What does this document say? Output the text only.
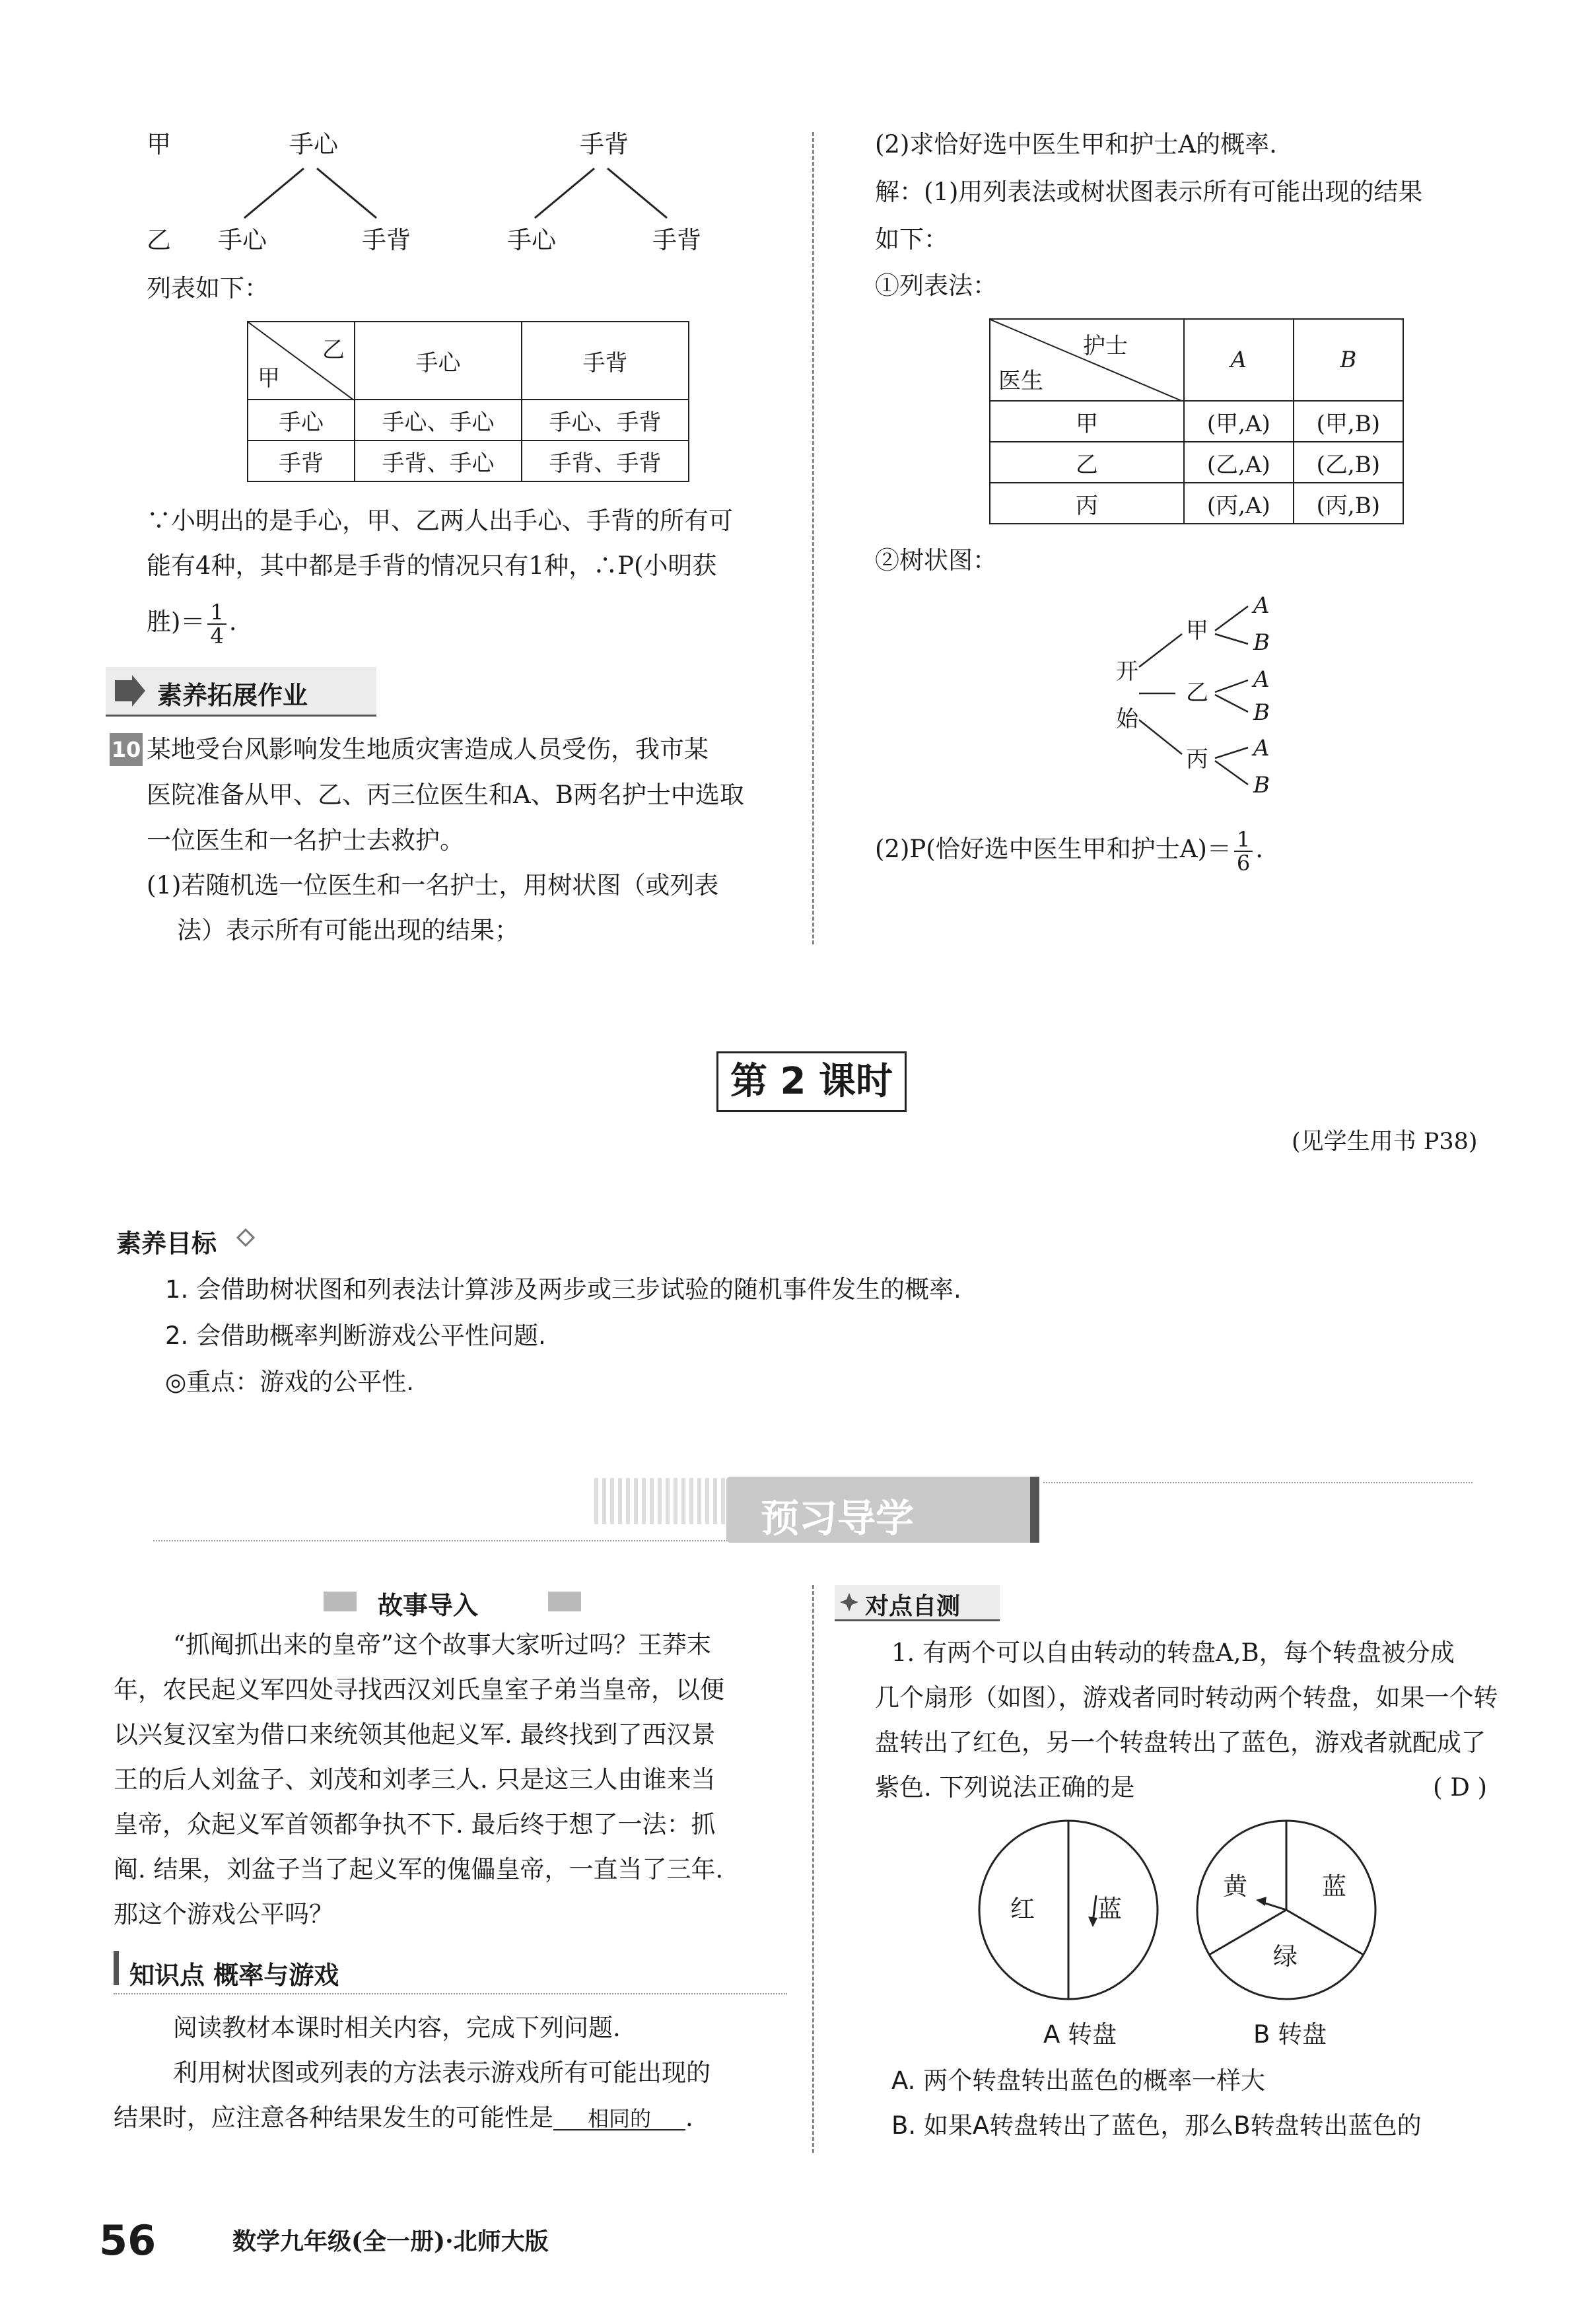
甲	手心	手背
乙 手心	手背	手心	手背
列表如下：
乙
甲	手心	手背
手心	手心、手心	手心、手背
手背	手背、手心	手背、手背
∵小明出的是手心，甲、乙两人出手心、手背的所有可
能有4种，其中都是手背的情况只有1种，∴P(小明获
胜)＝ $\frac{1}{4}$ .
素养拓展作业
10 某地受台风影响发生地质灾害造成人员受伤，我市某
医院准备从甲、乙、丙三位医生和A、B两名护士中选取
一位医生和一名护士去救护。
(1)若随机选一位医生和一名护士，用树状图（或列表
法）表示所有可能出现的结果；
(2)求恰好选中医生甲和护士A的概率.
解：(1)用列表法或树状图表示所有可能出现的结果
如下：
①列表法：
护士
医生	A	B
甲	(甲,A)	(甲,B)
乙	(乙,A)	(乙,B)
丙	(丙,A)	(丙,B)
②树状图：
开
始
甲
乙
丙
A
B
A
B
A
B
(2)P(恰好选中医生甲和护士$A)= \frac{1}{6}$ .
第 2 课时
(见学生用书 P38)
素养目标
1. 会借助树状图和列表法计算涉及两步或三步试验的随机事件发生的概率.
2. 会借助概率判断游戏公平性问题.
◎重点：游戏的公平性.
预习导学
故事导入
“抓阄抓出来的皇帝”这个故事大家听过吗？王莽末
年，农民起义军四处寻找西汉刘氏皇室子弟当皇帝，以便
以兴复汉室为借口来统领其他起义军. 最终找到了西汉景
王的后人刘盆子、刘茂和刘孝三人. 只是这三人由谁来当
皇帝，众起义军首领都争执不下. 最后终于想了一法：抓
阄. 结果，刘盆子当了起义军的傀儡皇帝，一直当了三年.
那这个游戏公平吗？
知识点 概率与游戏
阅读教材本课时相关内容，完成下列问题.
利用树状图或列表的方法表示游戏所有可能出现的
结果时，应注意各种结果发生的可能性是 相同的 .
对点自测
1. 有两个可以自由转动的转盘A,B，每个转盘被分成
几个扇形（如图），游戏者同时转动两个转盘，如果一个转
盘转出了红色，另一个转盘转出了蓝色，游戏者就配成了
紫色. 下列说法正确的是	( D )
红	蓝
黄	蓝
绿
A 转盘	B 转盘
A. 两个转盘转出蓝色的概率一样大
B. 如果A转盘转出了蓝色，那么B转盘转出蓝色的
56	数学九年级(全一册)·北师大版
